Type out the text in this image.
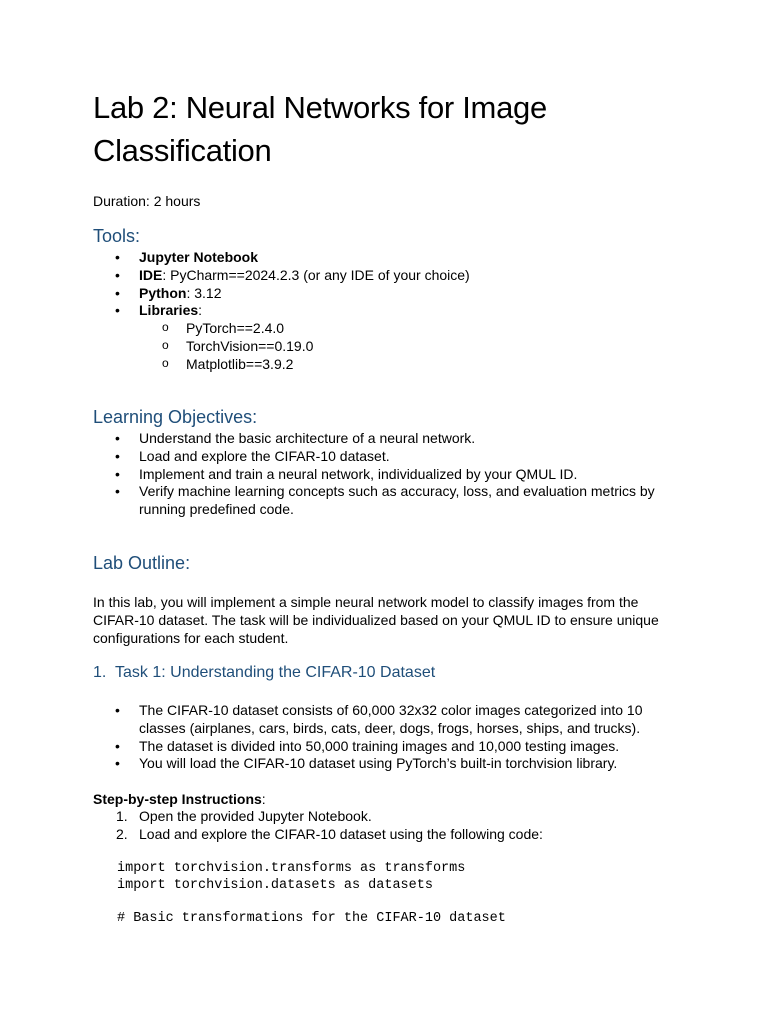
Lab 2: Neural Networks for Image Classification
Duration: 2 hours
Tools:
• Jupyter Notebook
• IDE: PyCharm==2024.2.3 (or any IDE of your choice)
• Python: 3.12
• Libraries:
o PyTorch==2.4.0
o TorchVision==0.19.0
o Matplotlib==3.9.2
Learning Objectives:
• Understand the basic architecture of a neural network.
• Load and explore the CIFAR-10 dataset.
• Implement and train a neural network, individualized by your QMUL ID.
• Verify machine learning concepts such as accuracy, loss, and evaluation metrics by running predefined code.
Lab Outline:

In this lab, you will implement a simple neural network model to classify images from the CIFAR-10 dataset. The task will be individualized based on your QMUL ID to ensure unique configurations for each student.

1. Task 1: Understanding the CIFAR-10 Dataset
• The CIFAR-10 dataset consists of 60,000 32x32 color images categorized into 10 classes (airplanes, cars, birds, cats, deer, dogs, frogs, horses, ships, and trucks).
• The dataset is divided into 50,000 training images and 10,000 testing images.
• You will load the CIFAR-10 dataset using PyTorch’s built-in torchvision library.
Step-by-step Instructions:
1. Open the provided Jupyter Notebook.
2. Load and explore the CIFAR-10 dataset using the following code:
import torchvision.transforms as transforms
import torchvision.datasets as datasets
# Basic transformations for the CIFAR-10 dataset
